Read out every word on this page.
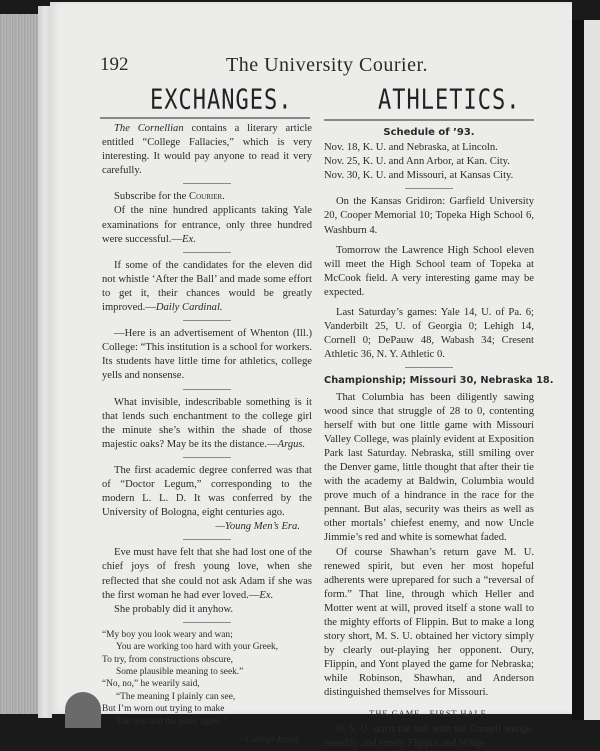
192	The University Courier.
EXCHANGES.	ATHLETICS.

The Cornellian contains a literary article entitled “College Fallacies,” which is very interesting. It would pay anyone to read it very carefully.

Subscribe for the Courier.

Of the nine hundred applicants taking Yale examinations for entrance, only three hundred were successful.—Ex.

If some of the candidates for the eleven did not whistle ‘After the Ball’ and made some effort to get it, their chances would be greatly improved.—Daily Cardinal.

—Here is an advertisement of Whenton (Ill.) College: “This institution is a school for workers. Its students have little time for athletics, college yells and nonsense.

What invisible, indescribable something is it that lends such enchantment to the college girl the minute she’s within the shade of those majestic oaks? May be its the distance.—Argus.

The first academic degree conferred was that of “Doctor Legum,” corresponding to the modern L. L. D. It was conferred by the University of Bologna, eight centuries ago.

—Young Men’s Era.

Eve must have felt that she had lost one of the chief joys of fresh young love, when she reflected that she could not ask Adam if she was the first woman he had ever loved.—Ex.

She probably did it anyhow.

“My boy you look weary and wan;
You are working too hard with your Greek,
To try, from constructions obscure,
Some plausible meaning to seek.”
“No, no,” he wearily said,
“The meaning I plainly can see,
But I’m worn out trying to make
The text and the pony agree.”
—College Izend.
Schedule of ’93.

Nov. 18, K. U. and Nebraska, at Lincoln.

Nov. 25, K. U. and Ann Arbor, at Kan. City.

Nov. 30, K. U. and Missouri, at Kansas City.

On the Kansas Gridiron: Garfield University 20, Cooper Memorial 10; Topeka High School 6, Washburn 4.

Tomorrow the Lawrence High School eleven will meet the High School team of Topeka at McCook field. A very interesting game may be expected.

Last Saturday’s games: Yale 14, U. of Pa. 6; Vanderbilt 25, U. of Georgia 0; Lehigh 14, Cornell 0; DePauw 48, Wabash 34; Cresent Athletic 36, N. Y. Athletic 0.

Championship; Missouri 30, Nebraska 18.

That Columbia has been diligently sawing wood since that struggle of 28 to 0, contenting herself with but one little game with Missouri Valley College, was plainly evident at Exposition Park last Saturday. Nebraska, still smiling over the Denver game, little thought that after their tie with the academy at Baldwin, Columbia would prove much of a hindrance in the race for the pennant. But alas, security was theirs as well as other mortals’ chiefest enemy, and now Uncle Jimmie’s red and white is somewhat faded.

Of course Shawhan’s return gave M. U. renewed spirit, but even her most hopeful adherents were uprepared for such a “reversal of form.” That line, through which Heller and Motter went at will, proved itself a stone wall to the mighty efforts of Flippin. But to make a long story short, M. S. U. obtained her victory simply by clearly out-playing her opponent. Oury, Flippin, and Yont played the game for Nebraska; while Robinson, Shawhan, and Anderson distinguished themselves for Missouri.

THE GAME—FIRST HALF.

N. S. U. starts the ball with the Cornell wedge. Steadily and surely Flippin and Whip-
